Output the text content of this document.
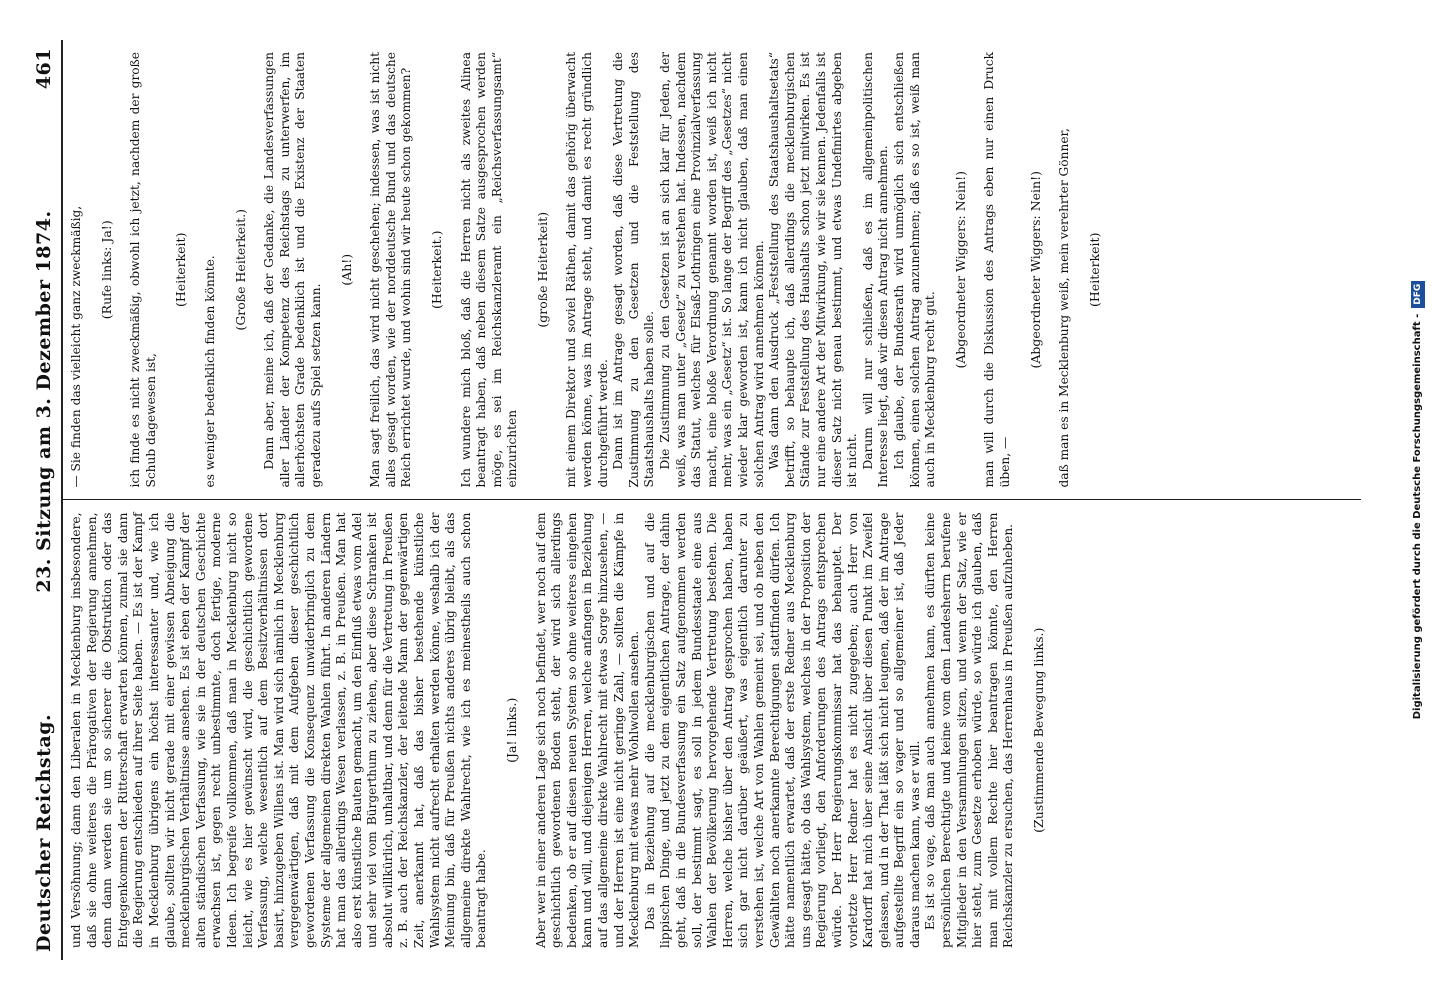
Deutscher Reichstag.
23. Sitzung am 3. Dezember 1874.
461

und Versöhnung; dann den Liberalen in Mecklenburg insbesondere, daß sie ohne weiteres die Prärogativen der Regierung annehmen, denn dann werden sie um so sicherer die Obstruktion oder das Entgegenkommen der Ritterschaft erwarten können, zumal sie dann die Regierung entschieden auf ihrer Seite haben. — Es ist der Kampf in Mecklenburg übrigens ein höchst interessanter und, wie ich glaube, sollten wir nicht gerade mit einer gewissen Abneigung die mecklenburgischen Verhältnisse ansehen. Es ist eben der Kampf der alten ständischen Verfassung, wie sie in der deutschen Geschichte erwachsen ist, gegen recht unbestimmte, doch fertige, moderne Ideen. Ich begreife vollkommen, daß man in Mecklenburg nicht so leicht, wie es hier gewünscht wird, die geschichtlich gewordene Verfassung, welche wesentlich auf dem Besitzverhältnissen dort basirt, hinzugeben Willens ist. Man wird sich nämlich in Mecklenburg vergegenwärtigen, daß mit dem Aufgeben dieser geschichtlich gewordenen Verfassung die Konsequenz unwiderbringlich zu dem Systeme der allgemeinen direkten Wahlen führt. In anderen Ländern hat man das allerdings Wesen verlassen, z. B. in Preußen. Man hat also erst künstliche Bauten gemacht, um den Einfluß etwas vom Adel und sehr viel vom Bürgerthum zu ziehen, aber diese Schranken ist absolut willkürlich, unhaltbar, und denn für die Vertretung in Preußen z. B. auch der Reichskanzler, der leitende Mann der gegenwärtigen Zeit, anerkannt hat, daß das bisher bestehende künstliche Wahlsystem nicht aufrecht erhalten werden könne, weshalb ich der Meinung bin, daß für Preußen nichts anderes übrig bleibt, als das allgemeine direkte Wahlrecht, wie ich es meinestheils auch schon beantragt habe.

(Ja! links.) Aber wer in einer anderen Lage sich noch befindet, wer noch auf dem geschichtlich gewordenen Boden steht, der wird sich allerdings bedenken, ob er auf diesen neuen System so ohne weiteres eingehen kann und will, und diejenigen Herren, welche anfangen in Beziehung auf das allgemeine direkte Wahlrecht mit etwas Sorge hinzusehen, — und der Herren ist eine nicht geringe Zahl, — sollten die Kämpfe in Mecklenburg mit etwas mehr Wohlwollen ansehen. Das in Beziehung auf die mecklenburgischen und auf die lippischen Dinge, und jetzt zu dem eigentlichen Antrage, der dahin geht, daß in die Bundesverfassung ein Satz aufgenommen werden soll, der bestimmt sagt, es soll in jedem Bundesstaate eine aus Wahlen der Bevölkerung hervorgehende Vertretung bestehen. Die Herren, welche bisher über den Antrag gesprochen haben, haben sich gar nicht darüber geäußert, was eigentlich darunter zu verstehen ist, welche Art von Wahlen gemeint sei, und ob neben den Gewählten noch anerkannte Berechtigungen stattfinden dürfen. Ich hätte namentlich erwartet, daß der erste Redner aus Mecklenburg uns gesagt hätte, ob das Wahlsystem, welches in der Proposition der Regierung vorliegt, den Anforderungen des Antrags entsprechen würde. Der Herr Regierungskommissar hat das behauptet. Der vorletzte Herr Redner hat es nicht zugegeben; auch Herr von Kardorff hat mich über seine Ansicht über diesen Punkt im Zweifel gelassen, und in der That läßt sich nicht leugnen, daß der im Antrage aufgestellte Begriff ein so vager und so allgemeiner ist, daß Jeder daraus machen kann, was er will. Es ist so vage, daß man auch annehmen kann, es dürften keine persönlichen Berechtigte und keine vom dem Landesherrn berufene Mitglieder in den Versammlungen sitzen, und wenn der Satz, wie er hier steht, zum Gesetze erhoben würde, so würde ich glauben, daß man mit vollem Rechte hier beantragen könnte, den Herren Reichskanzler zu ersuchen, das Herrenhaus in Preußen aufzuheben. (Zustimmende Bewegung links.)

— Sie finden das vielleicht ganz zweckmäßig, (Rufe links: Ja!) ich finde es nicht zweckmäßig, obwohl ich jetzt, nachdem der große Schub dagewesen ist,

(Heiterkeit) es weniger bedenklich finden könnte. (Große Heiterkeit.) Dann aber, meine ich, daß der Gedanke, die Landesverfassungen aller Länder der Kompetenz des Reichstags zu unterwerfen, im allerhöchsten Grade bedenklich ist und die Existenz der Staaten geradezu aufs Spiel setzen kann.

(Ah!) Man sagt freilich, das wird nicht geschehen; indessen, was ist nicht alles gesagt worden, wie der norddeutsche Bund und das deutsche Reich errichtet wurde, und wohin sind wir heute schon gekommen? (Heiterkeit.) Ich wundere mich bloß, daß die Herren nicht als zweites Alinea beantragt haben, daß neben diesem Satze ausgesprochen werden möge, es sei im Reichskanzleramt ein „Reichsverfassungsamt“ einzurichten

(große Heiterkeit) mit einem Direktor und soviel Räthen, damit das gehörig überwacht werden könne, was im Antrage steht, und damit es recht gründlich durchgeführt werde. Dann ist im Antrage gesagt worden, daß diese Vertretung die Zustimmung zu den Gesetzen und die Feststellung des Staatshaushalts haben solle. Die Zustimmung zu den Gesetzen ist an sich klar für Jeden, der weiß, was man unter „Gesetz“ zu verstehen hat. Indessen, nachdem das Statut, welches für Elsaß-Lothringen eine Provinzialverfassung macht, eine bloße Verordnung genannt worden ist, weiß ich nicht mehr, was ein „Gesetz“ ist. So lange der Begriff des „Gesetzes“ nicht wieder klar geworden ist, kann ich nicht glauben, daß man einen solchen Antrag wird annehmen können. Was dann den Ausdruck „Feststellung des Staatshaushaltsetats“ betrifft, so behaupte ich, daß allerdings die mecklenburgischen Stände zur Feststellung des Haushalts schon jetzt mitwirken. Es ist nur eine andere Art der Mitwirkung, wie wir sie kennen. Jedenfalls ist dieser Satz nicht genau bestimmt, und etwas Undefinirtes abgeben ist nicht. Darum will nur schließen, daß es im allgemeinpolitischen Interesse liegt, daß wir diesen Antrag nicht annehmen. Ich glaube, der Bundesrath wird unmöglich sich entschließen können, einen solchen Antrag anzunehmen; daß es so ist, weiß man auch in Mecklenburg recht gut.

(Abgeordneter Wiggers: Nein!) man will durch die Diskussion des Antrags eben nur einen Druck üben, —

(Abgeordneter Wiggers: Nein!) daß man es in Mecklenburg weiß, mein verehrter Gönner, (Heiterkeit)

Digitalisierung gefördert durch die Deutsche Forschungsgemeinschaft -
DFG
